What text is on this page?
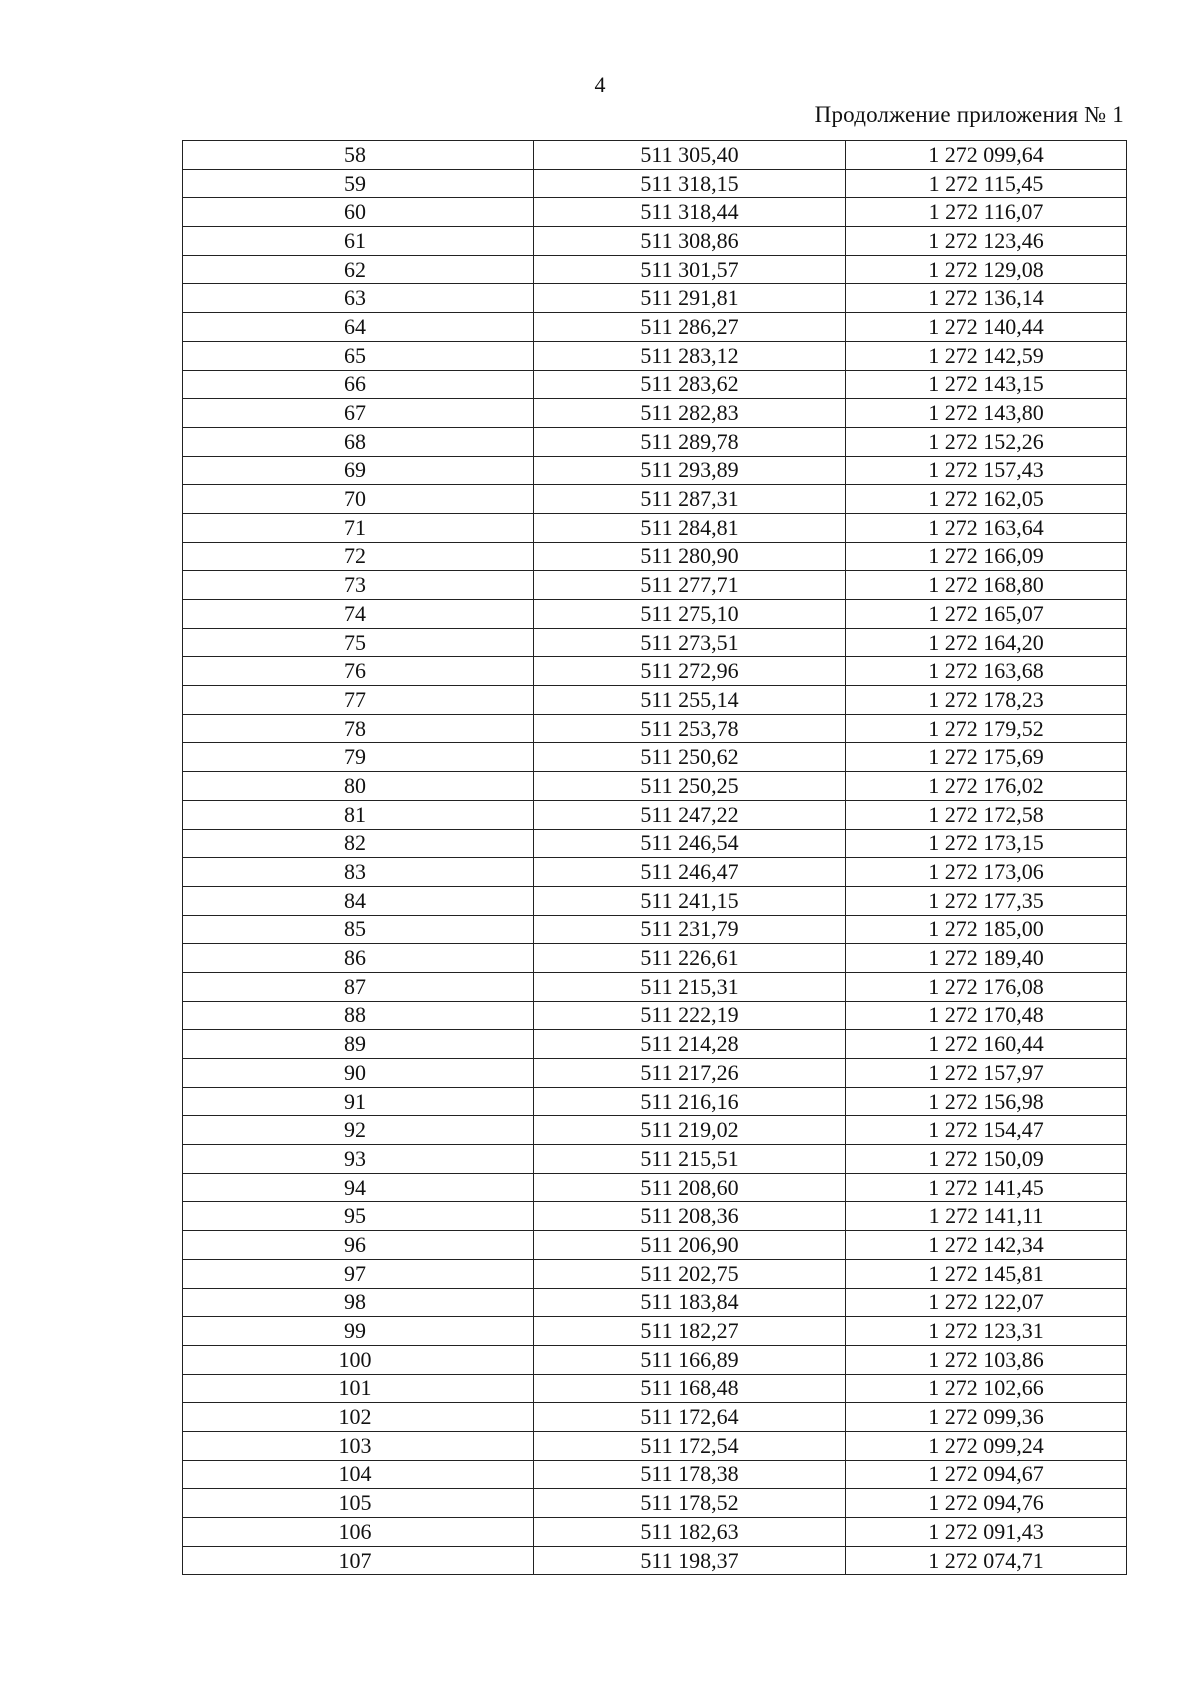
4
Продолжение приложения № 1
58	511 305,40	1 272 099,64
59	511 318,15	1 272 115,45
60	511 318,44	1 272 116,07
61	511 308,86	1 272 123,46
62	511 301,57	1 272 129,08
63	511 291,81	1 272 136,14
64	511 286,27	1 272 140,44
65	511 283,12	1 272 142,59
66	511 283,62	1 272 143,15
67	511 282,83	1 272 143,80
68	511 289,78	1 272 152,26
69	511 293,89	1 272 157,43
70	511 287,31	1 272 162,05
71	511 284,81	1 272 163,64
72	511 280,90	1 272 166,09
73	511 277,71	1 272 168,80
74	511 275,10	1 272 165,07
75	511 273,51	1 272 164,20
76	511 272,96	1 272 163,68
77	511 255,14	1 272 178,23
78	511 253,78	1 272 179,52
79	511 250,62	1 272 175,69
80	511 250,25	1 272 176,02
81	511 247,22	1 272 172,58
82	511 246,54	1 272 173,15
83	511 246,47	1 272 173,06
84	511 241,15	1 272 177,35
85	511 231,79	1 272 185,00
86	511 226,61	1 272 189,40
87	511 215,31	1 272 176,08
88	511 222,19	1 272 170,48
89	511 214,28	1 272 160,44
90	511 217,26	1 272 157,97
91	511 216,16	1 272 156,98
92	511 219,02	1 272 154,47
93	511 215,51	1 272 150,09
94	511 208,60	1 272 141,45
95	511 208,36	1 272 141,11
96	511 206,90	1 272 142,34
97	511 202,75	1 272 145,81
98	511 183,84	1 272 122,07
99	511 182,27	1 272 123,31
100	511 166,89	1 272 103,86
101	511 168,48	1 272 102,66
102	511 172,64	1 272 099,36
103	511 172,54	1 272 099,24
104	511 178,38	1 272 094,67
105	511 178,52	1 272 094,76
106	511 182,63	1 272 091,43
107	511 198,37	1 272 074,71
